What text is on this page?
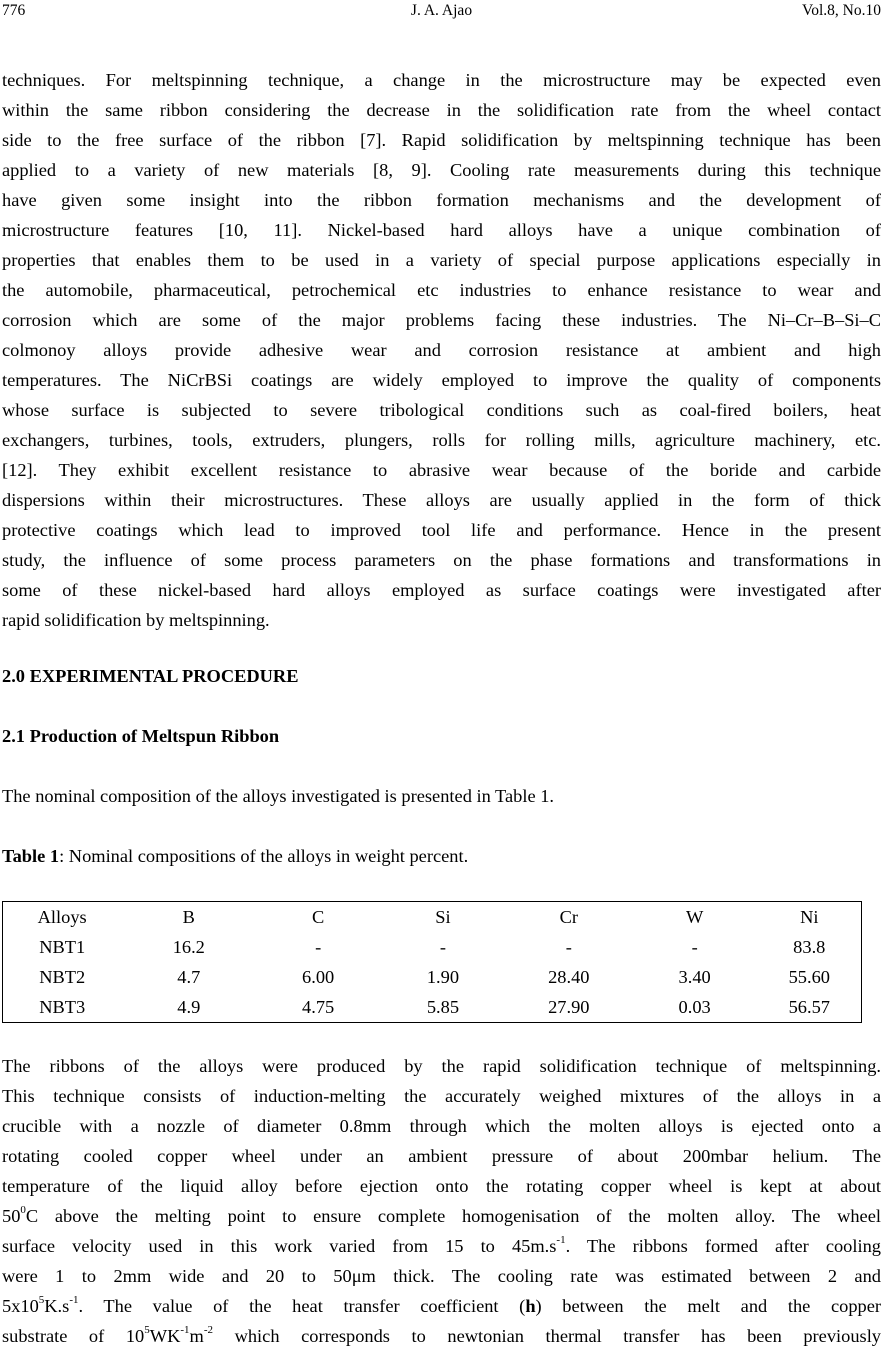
776	J. A. Ajao	Vol.8, No.10
techniques. For meltspinning technique, a change in the microstructure may be expected even
within the same ribbon considering the decrease in the solidification rate from the wheel contact
side to the free surface of the ribbon [7]. Rapid solidification by meltspinning technique has been
applied to a variety of new materials [8, 9]. Cooling rate measurements during this technique
have given some insight into the ribbon formation mechanisms and the development of
microstructure features [10, 11]. Nickel-based hard alloys have a unique combination of
properties that enables them to be used in a variety of special purpose applications especially in
the automobile, pharmaceutical, petrochemical etc industries to enhance resistance to wear and
corrosion which are some of the major problems facing these industries. The Ni–Cr–B–Si–C
colmonoy alloys provide adhesive wear and corrosion resistance at ambient and high
temperatures. The NiCrBSi coatings are widely employed to improve the quality of components
whose surface is subjected to severe tribological conditions such as coal-fired boilers, heat
exchangers, turbines, tools, extruders, plungers, rolls for rolling mills, agriculture machinery, etc.
[12]. They exhibit excellent resistance to abrasive wear because of the boride and carbide
dispersions within their microstructures. These alloys are usually applied in the form of thick
protective coatings which lead to improved tool life and performance. Hence in the present
study, the influence of some process parameters on the phase formations and transformations in
some of these nickel-based hard alloys employed as surface coatings were investigated after
rapid solidification by meltspinning.
2.0 EXPERIMENTAL PROCEDURE
2.1 Production of Meltspun Ribbon
The nominal composition of the alloys investigated is presented in Table 1.
Table 1: Nominal compositions of the alloys in weight percent.
Alloys	B	C	Si	Cr	W	Ni
NBT1	16.2	-	-	-	-	83.8
NBT2	4.7	6.00	1.90	28.40	3.40	55.60
NBT3	4.9	4.75	5.85	27.90	0.03	56.57
The ribbons of the alloys were produced by the rapid solidification technique of meltspinning.
This technique consists of induction-melting the accurately weighed mixtures of the alloys in a
crucible with a nozzle of diameter 0.8mm through which the molten alloys is ejected onto a
rotating cooled copper wheel under an ambient pressure of about 200mbar helium. The
temperature of the liquid alloy before ejection onto the rotating copper wheel is kept at about
$50^0C$ above the melting point to ensure complete homogenisation of the molten alloy. The wheel
surface velocity used in this work varied from 15 to $45m.s^{-1}$. The ribbons formed after cooling
were 1 to 2mm wide and 20 to 50μm thick. The cooling rate was estimated between 2 and
$5x10^5K.s^{-1}$. The value of the heat transfer coefficient (h) between the melt and the copper
substrate of $10^5WK^{-1}m^{-2}$ which corresponds to newtonian thermal transfer has been previously
